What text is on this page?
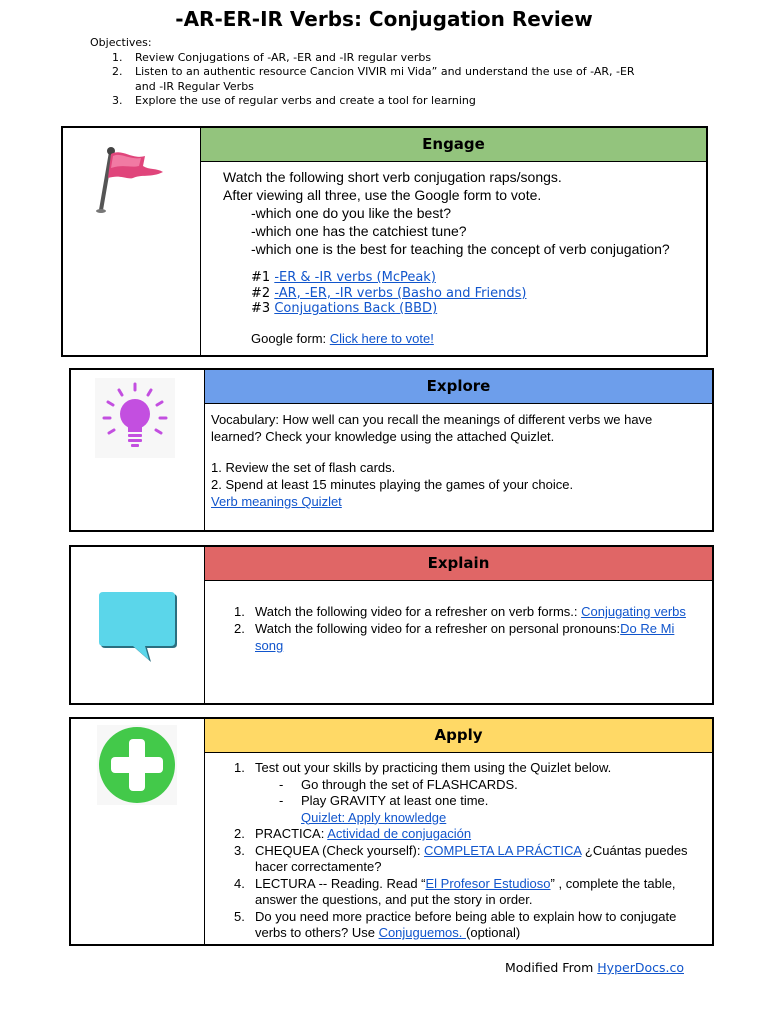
-AR-ER-IR Verbs: Conjugation Review
Objectives:
1. Review Conjugations of -AR, -ER and -IR regular verbs
2. Listen to an authentic resource Cancion VIVIR mi Vida” and understand the use of -AR, -ER and -IR Regular Verbs
3. Explore the use of regular verbs and create a tool for learning
Engage
Watch the following short verb conjugation raps/songs.
After viewing all three, use the Google form to vote.
-which one do you like the best?
-which one has the catchiest tune?
-which one is the best for teaching the concept of verb conjugation?
#1 -ER & -IR verbs (McPeak)
#2 -AR, -ER, -IR verbs (Basho and Friends)
#3 Conjugations Back (BBD)
Google form: Click here to vote!
Explore
Vocabulary: How well can you recall the meanings of different verbs we have learned? Check your knowledge using the attached Quizlet.
1. Review the set of flash cards.
2. Spend at least 15 minutes playing the games of your choice.
Verb meanings Quizlet
Explain
1. Watch the following video for a refresher on verb forms.: Conjugating verbs
2. Watch the following video for a refresher on personal pronouns:Do Re Mi song
Apply
1. Test out your skills by practicing them using the Quizlet below.
- Go through the set of FLASHCARDS.
- Play GRAVITY at least one time.
Quizlet: Apply knowledge
2. PRACTICA: Actividad de conjugación
3. CHEQUEA (Check yourself): COMPLETA LA PRÁCTICA ¿Cuántas puedes hacer correctamente?
4. LECTURA -- Reading. Read “El Profesor Estudioso” , complete the table, answer the questions, and put the story in order.
5. Do you need more practice before being able to explain how to conjugate verbs to others? Use Conjuguemos. (optional)
Modified From HyperDocs.co
